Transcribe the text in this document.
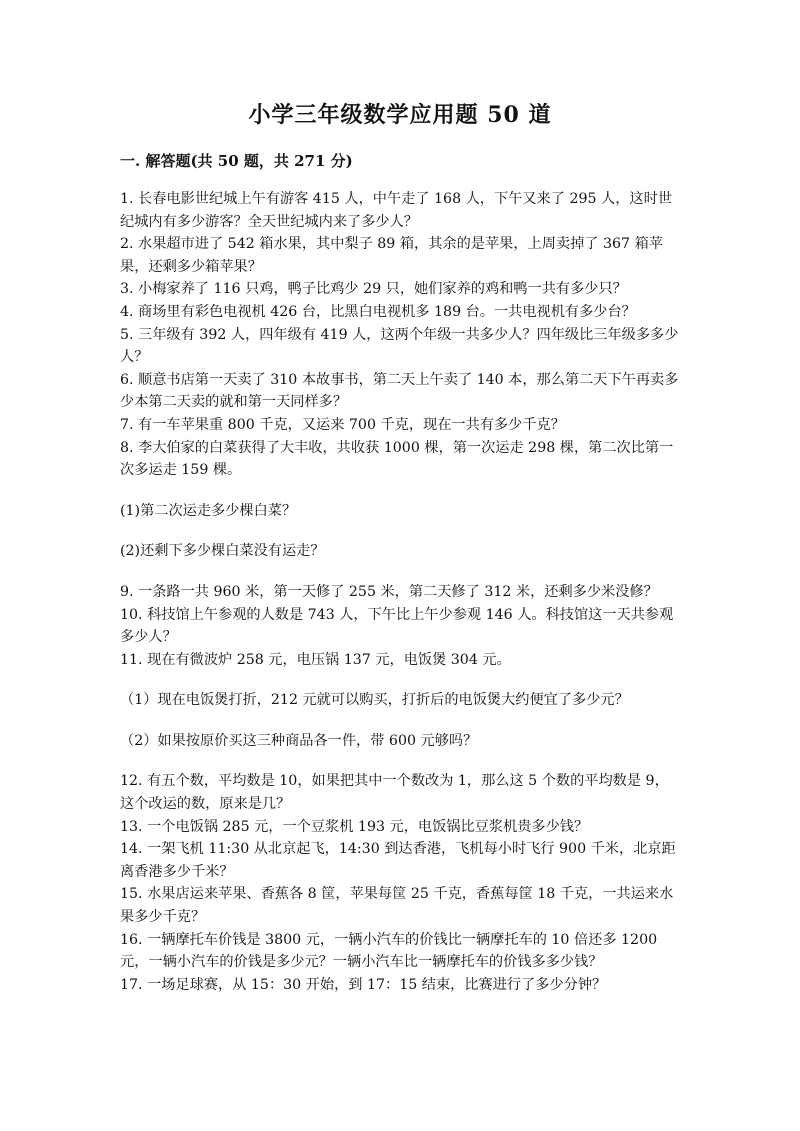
小学三年级数学应用题 50 道
一. 解答题(共 50 题，共 271 分)

1. 长春电影世纪城上午有游客 415 人，中午走了 168 人，下午又来了 295 人，这时世纪城内有多少游客？全天世纪城内来了多少人？

2. 水果超市进了 542 箱水果，其中梨子 89 箱，其余的是苹果，上周卖掉了 367 箱苹果，还剩多少箱苹果？

3. 小梅家养了 116 只鸡，鸭子比鸡少 29 只，她们家养的鸡和鸭一共有多少只？

4. 商场里有彩色电视机 426 台，比黑白电视机多 189 台。一共电视机有多少台？

5. 三年级有 392 人，四年级有 419 人，这两个年级一共多少人？四年级比三年级多多少人？

6. 顺意书店第一天卖了 310 本故事书，第二天上午卖了 140 本，那么第二天下午再卖多少本第二天卖的就和第一天同样多？

7. 有一车苹果重 800 千克，又运来 700 千克，现在一共有多少千克？

8. 李大伯家的白菜获得了大丰收，共收获 1000 棵，第一次运走 298 棵，第二次比第一次多运走 159 棵。

(1)第二次运走多少棵白菜？

(2)还剩下多少棵白菜没有运走？

9. 一条路一共 960 米，第一天修了 255 米，第二天修了 312 米，还剩多少米没修？

10. 科技馆上午参观的人数是 743 人，下午比上午少参观 146 人。科技馆这一天共参观多少人？

11. 现在有微波炉 258 元，电压锅 137 元，电饭煲 304 元。

（1）现在电饭煲打折，212 元就可以购买，打折后的电饭煲大约便宜了多少元？

（2）如果按原价买这三种商品各一件，带 600 元够吗？

12. 有五个数，平均数是 10，如果把其中一个数改为 1，那么这 5 个数的平均数是 9，这个改运的数，原来是几？

13. 一个电饭锅 285 元，一个豆浆机 193 元，电饭锅比豆浆机贵多少钱？

14. 一架飞机 11:30 从北京起飞，14:30 到达香港，飞机每小时飞行 900 千米，北京距离香港多少千米？

15. 水果店运来苹果、香蕉各 8 筐，苹果每筐 25 千克，香蕉每筐 18 千克，一共运来水果多少千克？

16. 一辆摩托车价钱是 3800 元，一辆小汽车的价钱比一辆摩托车的 10 倍还多 1200 元，一辆小汽车的价钱是多少元？一辆小汽车比一辆摩托车的价钱多多少钱？

17. 一场足球赛，从 15：30 开始，到 17：15 结束，比赛进行了多少分钟？
